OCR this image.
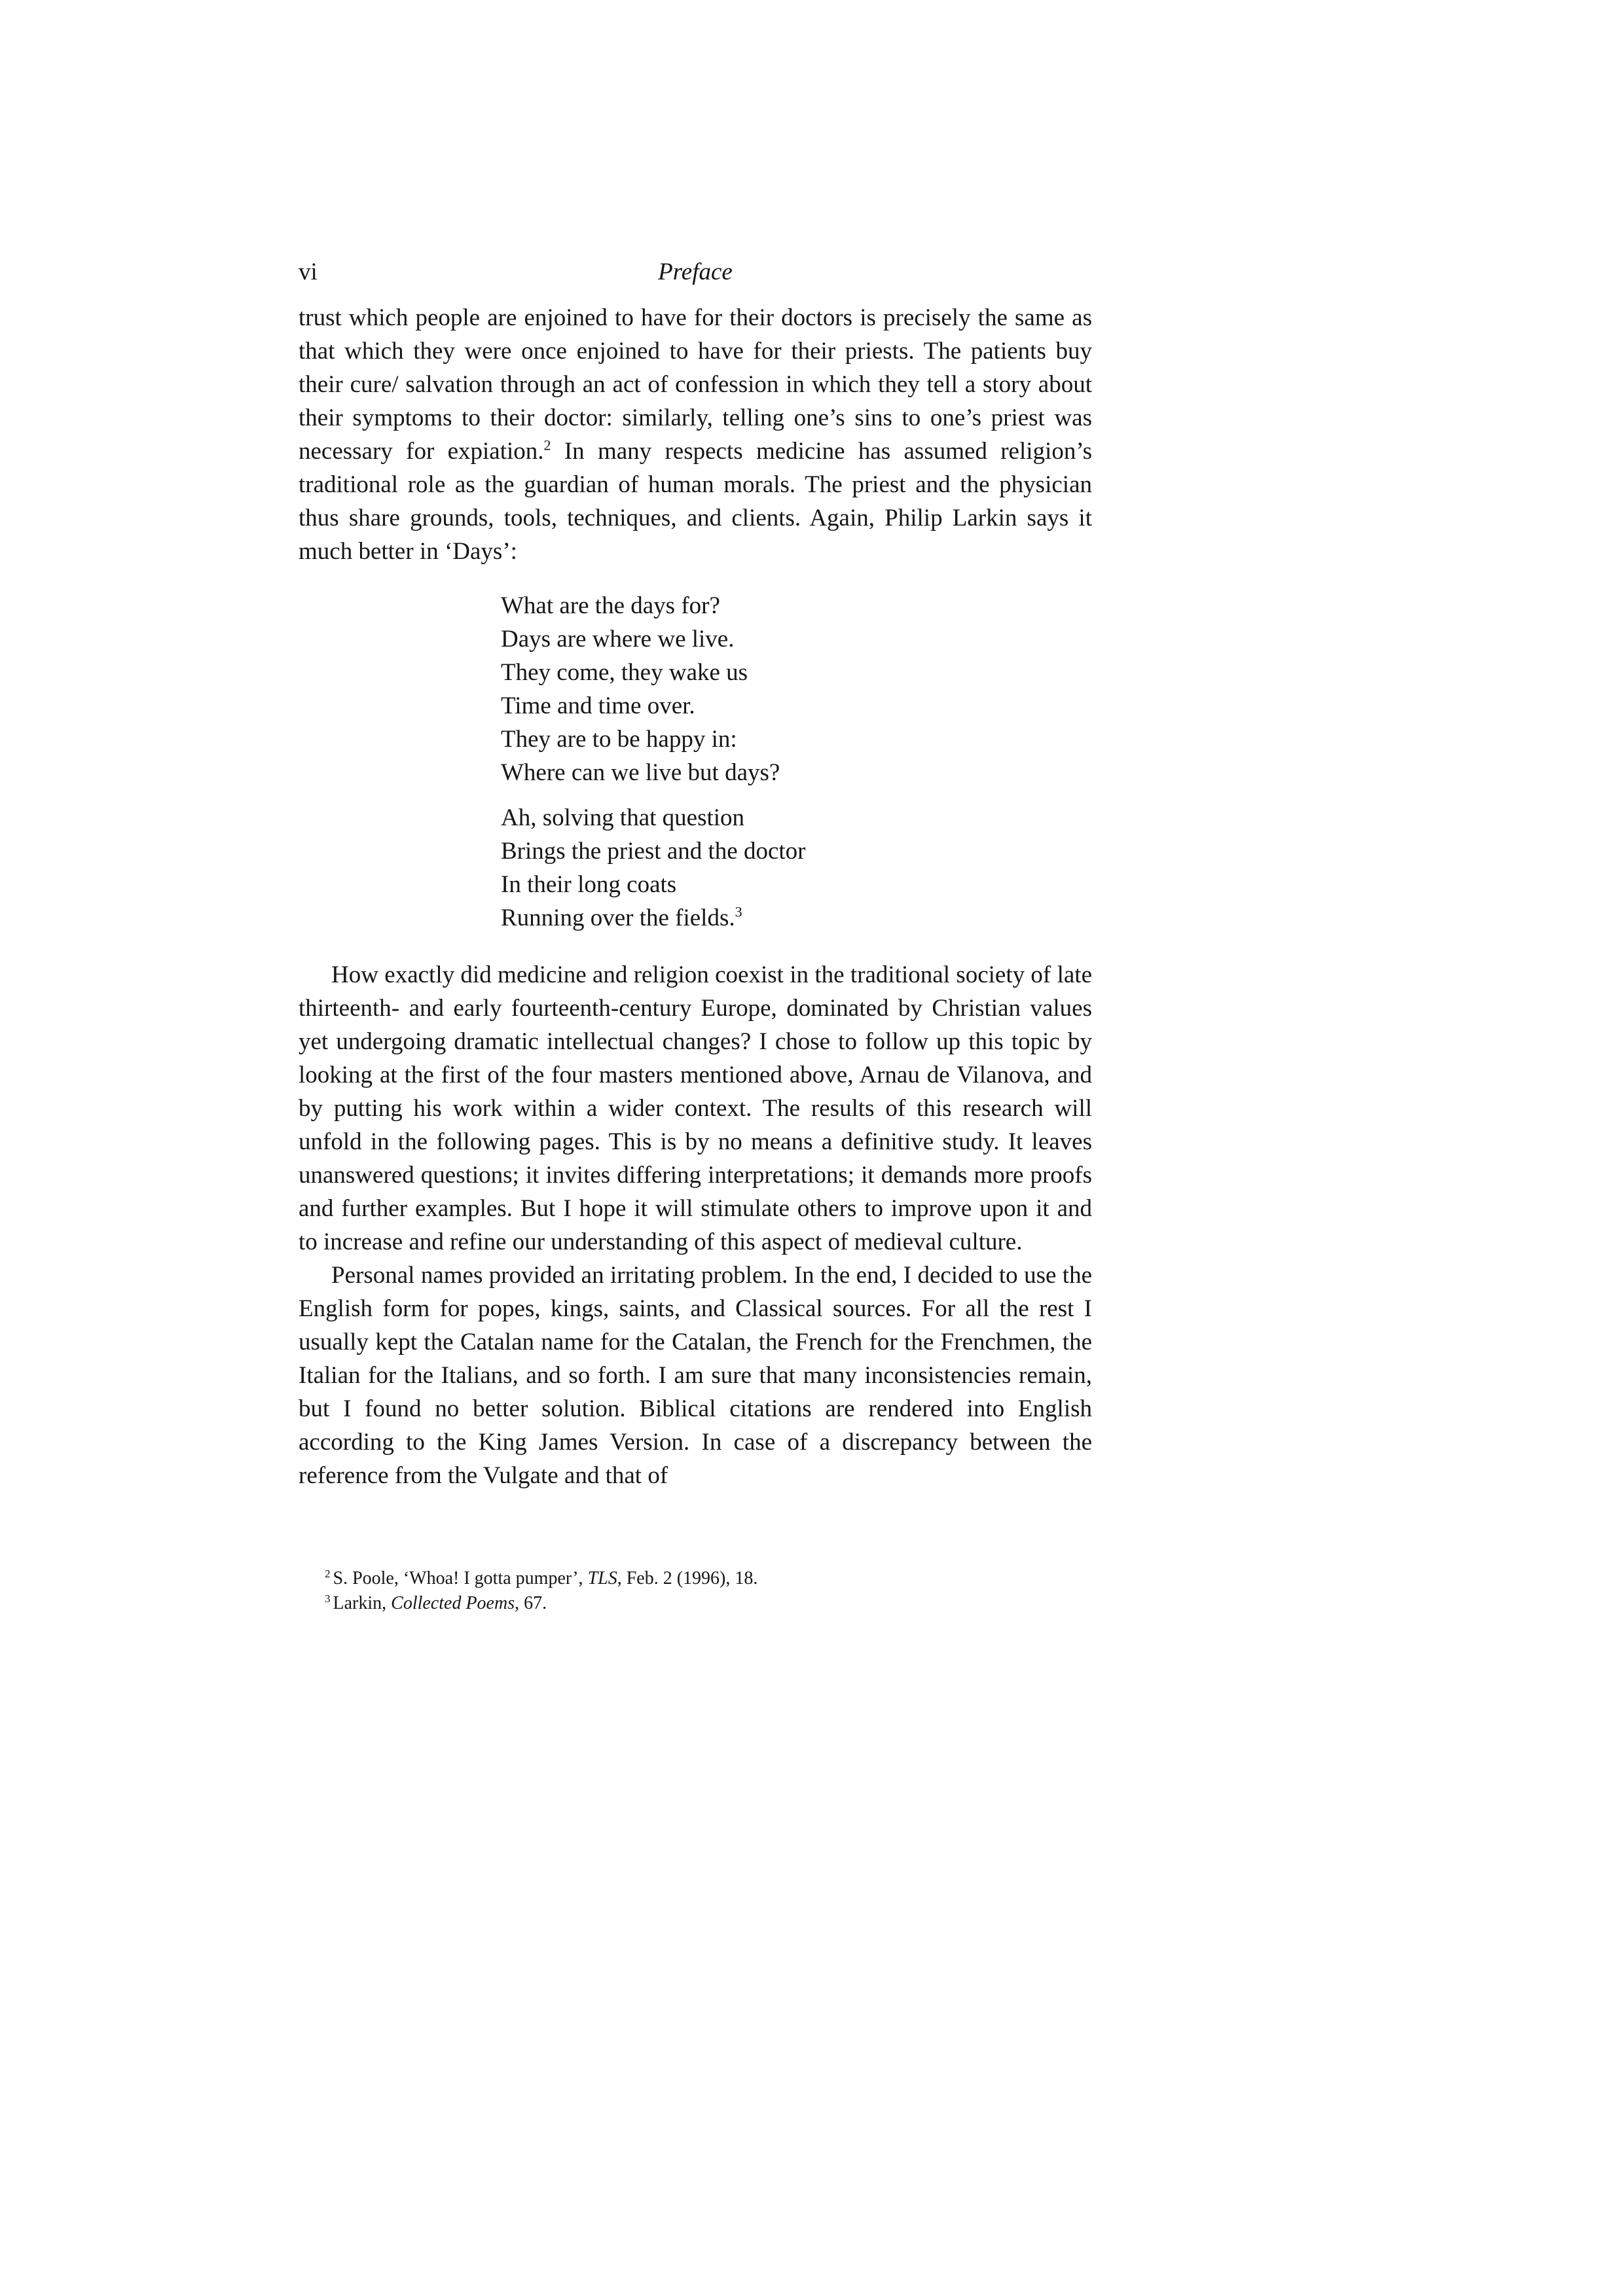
vi	Preface

trust which people are enjoined to have for their doctors is precisely the same as that which they were once enjoined to have for their priests. The patients buy their cure/ salvation through an act of confession in which they tell a story about their symptoms to their doctor: similarly, telling one’s sins to one’s priest was necessary for expiation.$^2$ In many respects medicine has assumed religion’s traditional role as the guardian of human morals. The priest and the physician thus share grounds, tools, techniques, and clients. Again, Philip Larkin says it much better in ‘Days’:

What are the days for?
Days are where we live.
They come, they wake us
Time and time over.
They are to be happy in:
Where can we live but days?
Ah, solving that question
Brings the priest and the doctor
In their long coats
Running over the fields.$^3$

How exactly did medicine and religion coexist in the traditional society of late thirteenth- and early fourteenth-century Europe, dominated by Christian values yet undergoing dramatic intellectual changes? I chose to follow up this topic by looking at the first of the four masters mentioned above, Arnau de Vilanova, and by putting his work within a wider context. The results of this research will unfold in the following pages. This is by no means a definitive study. It leaves unanswered questions; it invites differing interpretations; it demands more proofs and further examples. But I hope it will stimulate others to improve upon it and to increase and refine our understanding of this aspect of medieval culture.

Personal names provided an irritating problem. In the end, I decided to use the English form for popes, kings, saints, and Classical sources. For all the rest I usually kept the Catalan name for the Catalan, the French for the Frenchmen, the Italian for the Italians, and so forth. I am sure that many inconsistencies remain, but I found no better solution. Biblical citations are rendered into English according to the King James Version. In case of a discrepancy between the reference from the Vulgate and that of

$^2$ S. Poole, ‘Whoa! I gotta pumper’, TLS, Feb. 2 (1996), 18.

$^3$ Larkin, Collected Poems, 67.
